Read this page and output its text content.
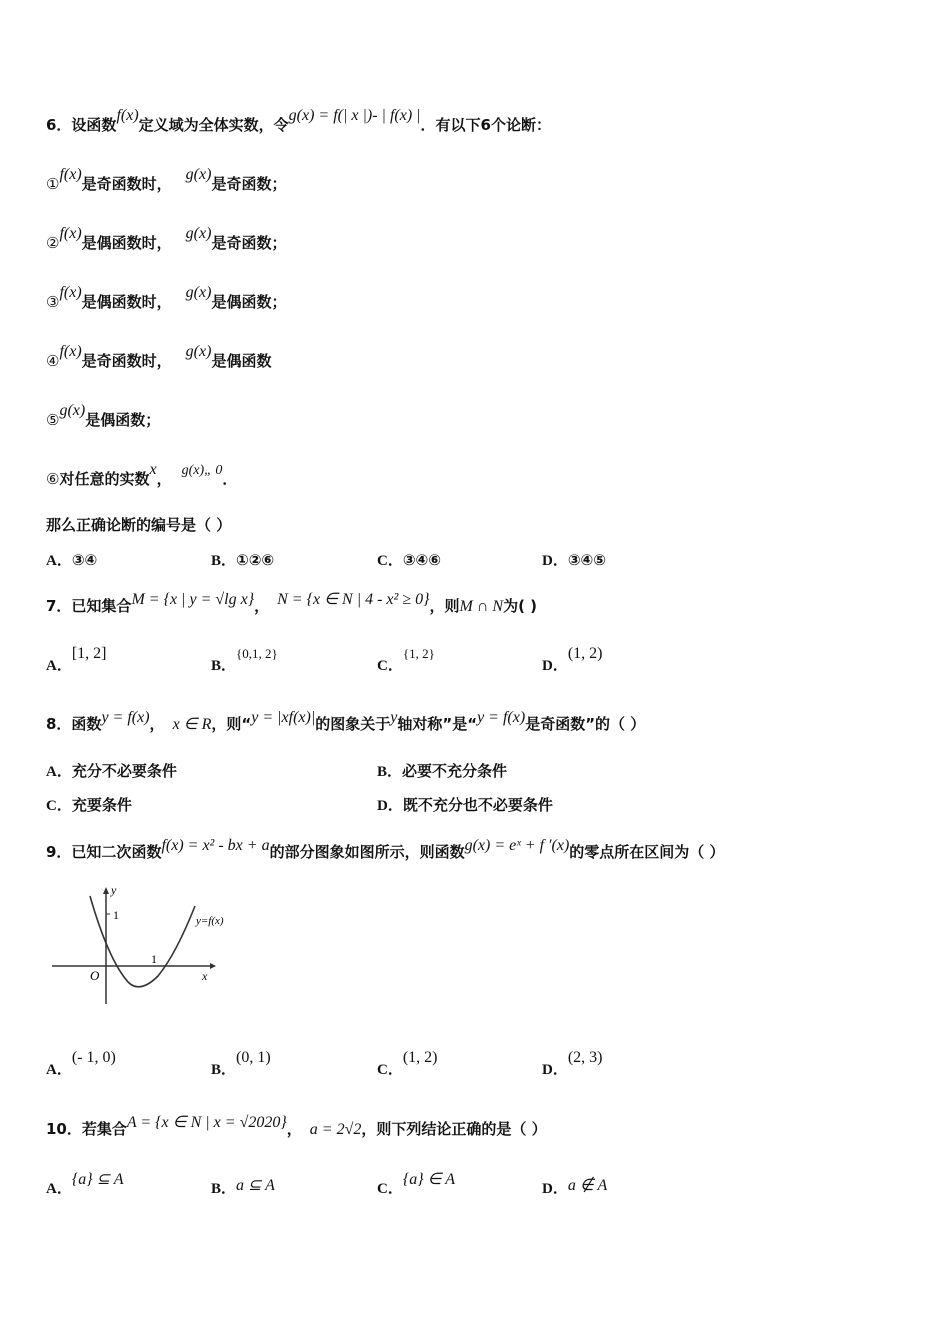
6．设函数f(x)定义域为全体实数，令g(x) = f(| x |)- | f(x) |．有以下6个论断：
①f(x)是奇函数时，g(x)是奇函数；
②f(x)是偶函数时，g(x)是奇函数；
③f(x)是偶函数时，g(x)是偶函数；
④f(x)是奇函数时，g(x)是偶函数
⑤g(x)是偶函数；
⑥对任意的实数x， g(x)„ 0．
那么正确论断的编号是（ ）
A．③④	B．①②⑥	C．③④⑥	D．③④⑤
7．已知集合M = {x | y = √lg x}， N = {x ∈ N | 4 - x² ≥ 0}，则M ∩ N为( )
A．[1, 2]
B．{0,1, 2}
C．{1, 2}
D．(1, 2)
8．函数y = f(x)， x ∈ R，则“y = |xf(x)|的图象关于y轴对称”是“y = f(x)是奇函数”的（ ）
A．充分不必要条件	B．必要不充分条件
C．充要条件	D．既不充分也不必要条件
9．已知二次函数f(x) = x² - bx + a的部分图象如图所示，则函数g(x) = eˣ + f ′(x)的零点所在区间为（ ）
y
1
O
1
x
y=f(x)
A．(- 1, 0)
B．(0, 1)
C．(1, 2)
D．(2, 3)
10．若集合A = {x ∈ N | x = √2020}， a = 2√2，则下列结论正确的是（ ）
A．{a} ⊆ A
B．a ⊆ A	C．{a} ∈ A
D．a ∉ A
